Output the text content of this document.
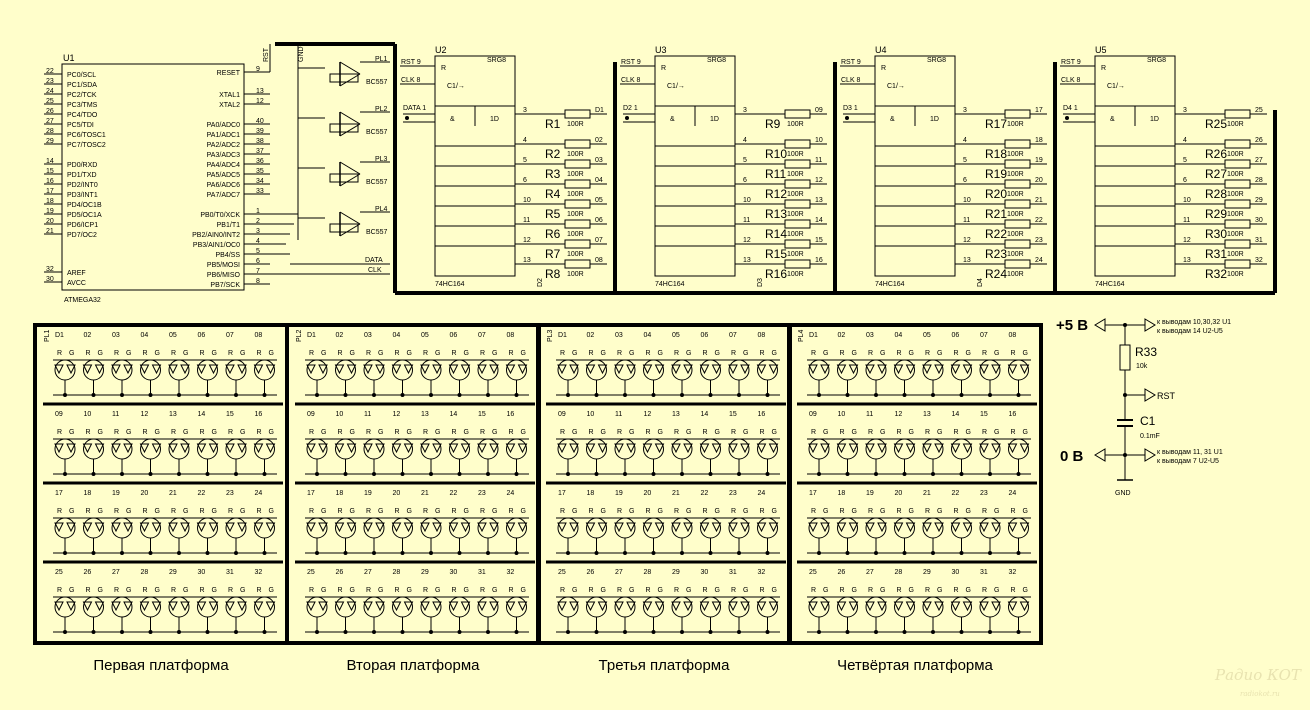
U1
ATMEGA32
22
PC0/SCL
23
PC1/SDA
24
PC2/TCK
25
PC3/TMS
26
PC4/TDO
27
PC5/TDI
28
PC6/TOSC1
29
PC7/TOSC2
14
PD0/RXD
15
PD1/TXD
16
PD2/INT0
17
PD3/INT1
18
PD4/OC1B
19
PD5/OC1A
20
PD6/ICP1
21
PD7/OC2
32
AREF
30
AVCC
9
RESET
13
XTAL1
12
XTAL2
40
PA0/ADC0
39
PA1/ADC1
38
PA2/ADC2
37
PA3/ADC3
36
PA4/ADC4
35
PA5/ADC5
34
PA6/ADC6
33
PA7/ADC7
1
PB0/T0/XCK
2
PB1/T1
3
PB2/AIN0/INT2
4
PB3/AIN1/OC0
5
PB4/SS
6
PB5/MOSI
7
PB6/MISO
8
PB7/SCK
RST	GND	PL1
BC557
PL2
BC557
PL3
BC557
PL4
BC557
DATA
CLK
U2
SRG8
R
C1/→
RST 9
CLK 8
&	1D
DATA 1
74HC164
3
R1 100R
D1
4
R2 100R
02
5
R3 100R
03
6
R4 100R
04
10
R5 100R
05
11
R6 100R
06
12
R7 100R
07
13
R8 100R
08
D2
U3
SRG8
R
C1/→
RST 9
CLK 8
&	1D
D2 1
74HC164
3
R9 100R
09
4
R10 100R
10
5
R11 100R
11
6
R12 100R
12
10
R13 100R
13
11
R14 100R
14
12
R15 100R
15
13
R16 100R
16
D3
U4
SRG8
R
C1/→
RST 9
CLK 8
&	1D
D3 1
74HC164
3
R17 100R
17
4
R18 100R
18
5
R19 100R
19
6
R20 100R
20
10
R21 100R
21
11
R22 100R
22
12
R23 100R
23
13
R24 100R
24
D4
U5
SRG8
R
C1/→
RST 9
CLK 8
&	1D
D4 1
74HC164
3
R25 100R
25
4
R26 100R
26
5
R27 100R
27
6
R28 100R
28
10
R29 100R
29
11
R30 100R
30
12
R31 100R
31
13
R32 100R
32
PL1 D1
R G
02
R G
03
R G
04
R G
05
R G
06
R G
07
R G
08
R G
09
R G
10
R G
11
R G
12
R G
13
R G
14
R G
15
R G
16
R G
17
R G
18
R G
19
R G
20
R G
21
R G
22
R G
23
R G
24
R G
25
R G
26
R G
27
R G
28
R G
29
R G
30
R G
31
R G
32
R G
Первая платформа
PL2 D1
R G
02
R G
03
R G
04
R G
05
R G
06
R G
07
R G
08
R G
09
R G
10
R G
11
R G
12
R G
13
R G
14
R G
15
R G
16
R G
17
R G
18
R G
19
R G
20
R G
21
R G
22
R G
23
R G
24
R G
25
R G
26
R G
27
R G
28
R G
29
R G
30
R G
31
R G
32
R G
Вторая платформа
PL3 D1
R G
02
R G
03
R G
04
R G
05
R G
06
R G
07
R G
08
R G
09
R G
10
R G
11
R G
12
R G
13
R G
14
R G
15
R G
16
R G
17
R G
18
R G
19
R G
20
R G
21
R G
22
R G
23
R G
24
R G
25
R G
26
R G
27
R G
28
R G
29
R G
30
R G
31
R G
32
R G
Третья платформа
PL4 D1
R G
02
R G
03
R G
04
R G
05
R G
06
R G
07
R G
08
R G
09
R G
10
R G
11
R G
12
R G
13
R G
14
R G
15
R G
16
R G
17
R G
18
R G
19
R G
20
R G
21
R G
22
R G
23
R G
24
R G
25
R G
26
R G
27
R G
28
R G
29
R G
30
R G
31
R G
32
R G
Четвёртая платформа
+5 В	к выводам 10,30,32 U1
к выводам 14 U2-U5
R33
10k
RST
C1
0.1mF
0 В	к выводам 11, 31 U1
к выводам 7 U2-U5
GND
Радио КОТ
radiokot.ru
